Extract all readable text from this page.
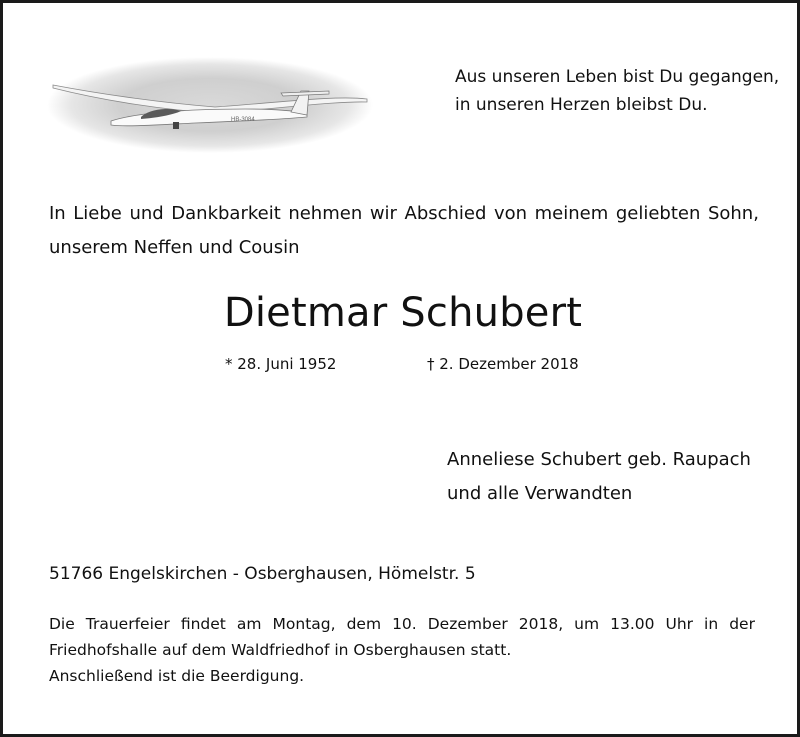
HB-3084
Aus unseren Leben bist Du gegangen,
in unseren Herzen bleibst Du.
In Liebe und Dankbarkeit nehmen wir Abschied von meinem geliebten Sohn,
unserem Neffen und Cousin
Dietmar Schubert
* 28. Juni 1952	† 2. Dezember 2018
Anneliese Schubert geb. Raupach
und alle Verwandten
51766 Engelskirchen - Osberghausen, Hömelstr. 5
Die Trauerfeier findet am Montag, dem 10. Dezember 2018, um 13.00 Uhr in der
Friedhofshalle auf dem Waldfriedhof in Osberghausen statt.
Anschließend ist die Beerdigung.
